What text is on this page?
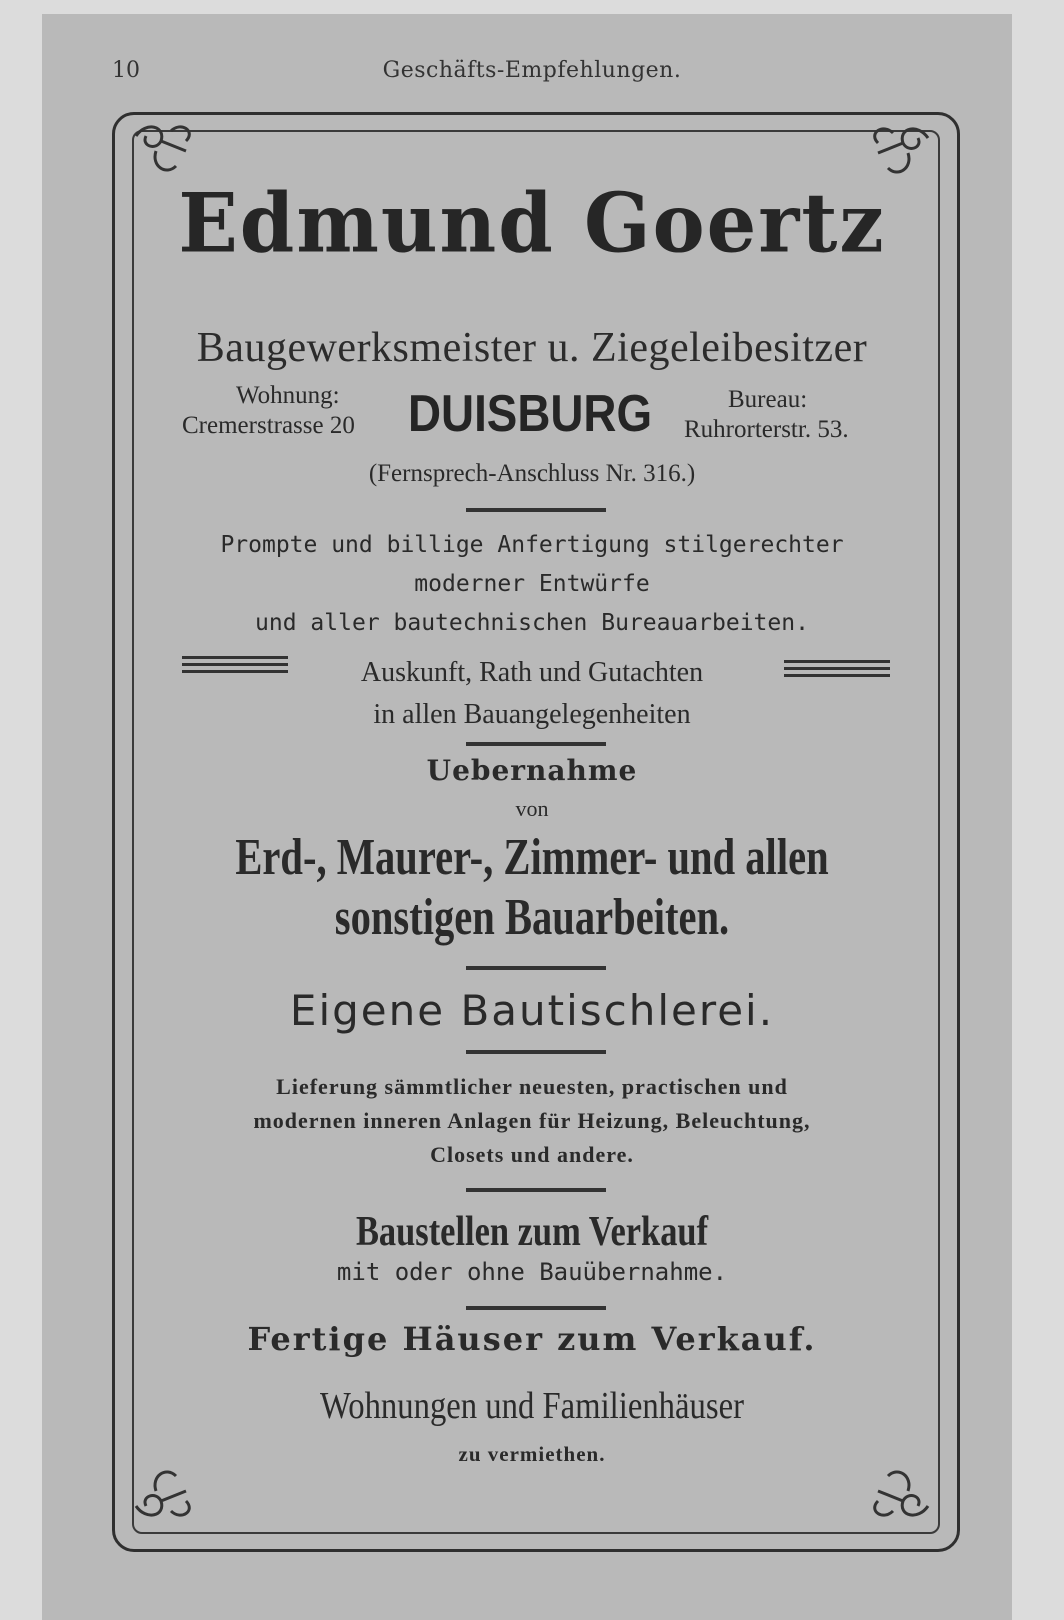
10	Geschäfts-Empfehlungen.
Edmund Goertz
Baugewerksmeister u. Ziegeleibesitzer
Wohnung:
Cremerstrasse 20 DUISBURG	Bureau:
Ruhrorterstr. 53.
(Fernsprech-Anschluss Nr. 316.)
Prompte und billige Anfertigung stilgerechter
moderner Entwürfe
und aller bautechnischen Bureauarbeiten.
Auskunft, Rath und Gutachten
in allen Bauangelegenheiten
Uebernahme
von
Erd-, Maurer-, Zimmer- und allen
sonstigen Bauarbeiten.
Eigene Bautischlerei.
Lieferung sämmtlicher neuesten, practischen und
modernen inneren Anlagen für Heizung, Beleuchtung,
Closets und andere.
Baustellen zum Verkauf
mit oder ohne Bauübernahme.
Fertige Häuser zum Verkauf.
Wohnungen und Familienhäuser
zu vermiethen.
